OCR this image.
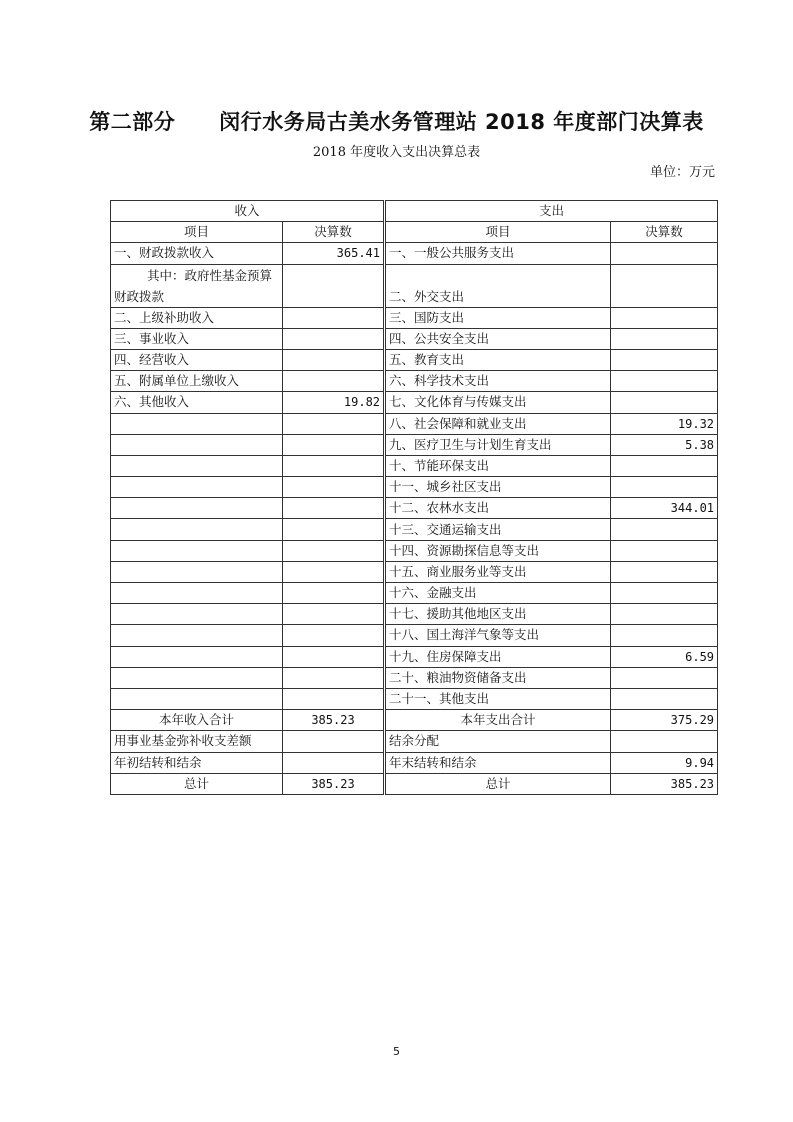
第二部分 闵行水务局古美水务管理站 2018 年度部门决算表
2018 年度收入支出决算总表
单位：万元
收入		支出	
项目	决算数	项目	决算数
一、财政拨款收入	365.41	一、一般公共服务支出	
其中：政府性基金预算财政拨款		二、外交支出	
二、上级补助收入		三、国防支出	
三、事业收入		四、公共安全支出	
四、经营收入		五、教育支出	
五、附属单位上缴收入		六、科学技术支出	
六、其他收入	19.82	七、文化体育与传媒支出	
		八、社会保障和就业支出	19.32
		九、医疗卫生与计划生育支出	5.38
		十、节能环保支出	
		十一、城乡社区支出	
		十二、农林水支出	344.01
		十三、交通运输支出	
		十四、资源勘探信息等支出	
		十五、商业服务业等支出	
		十六、金融支出	
		十七、援助其他地区支出	
		十八、国土海洋气象等支出	
		十九、住房保障支出	6.59
		二十、粮油物资储备支出	
		二十一、其他支出	
本年收入合计	385.23	本年支出合计	375.29
用事业基金弥补收支差额		结余分配	
年初结转和结余		年末结转和结余	9.94
总计	385.23	总计	385.23
5
